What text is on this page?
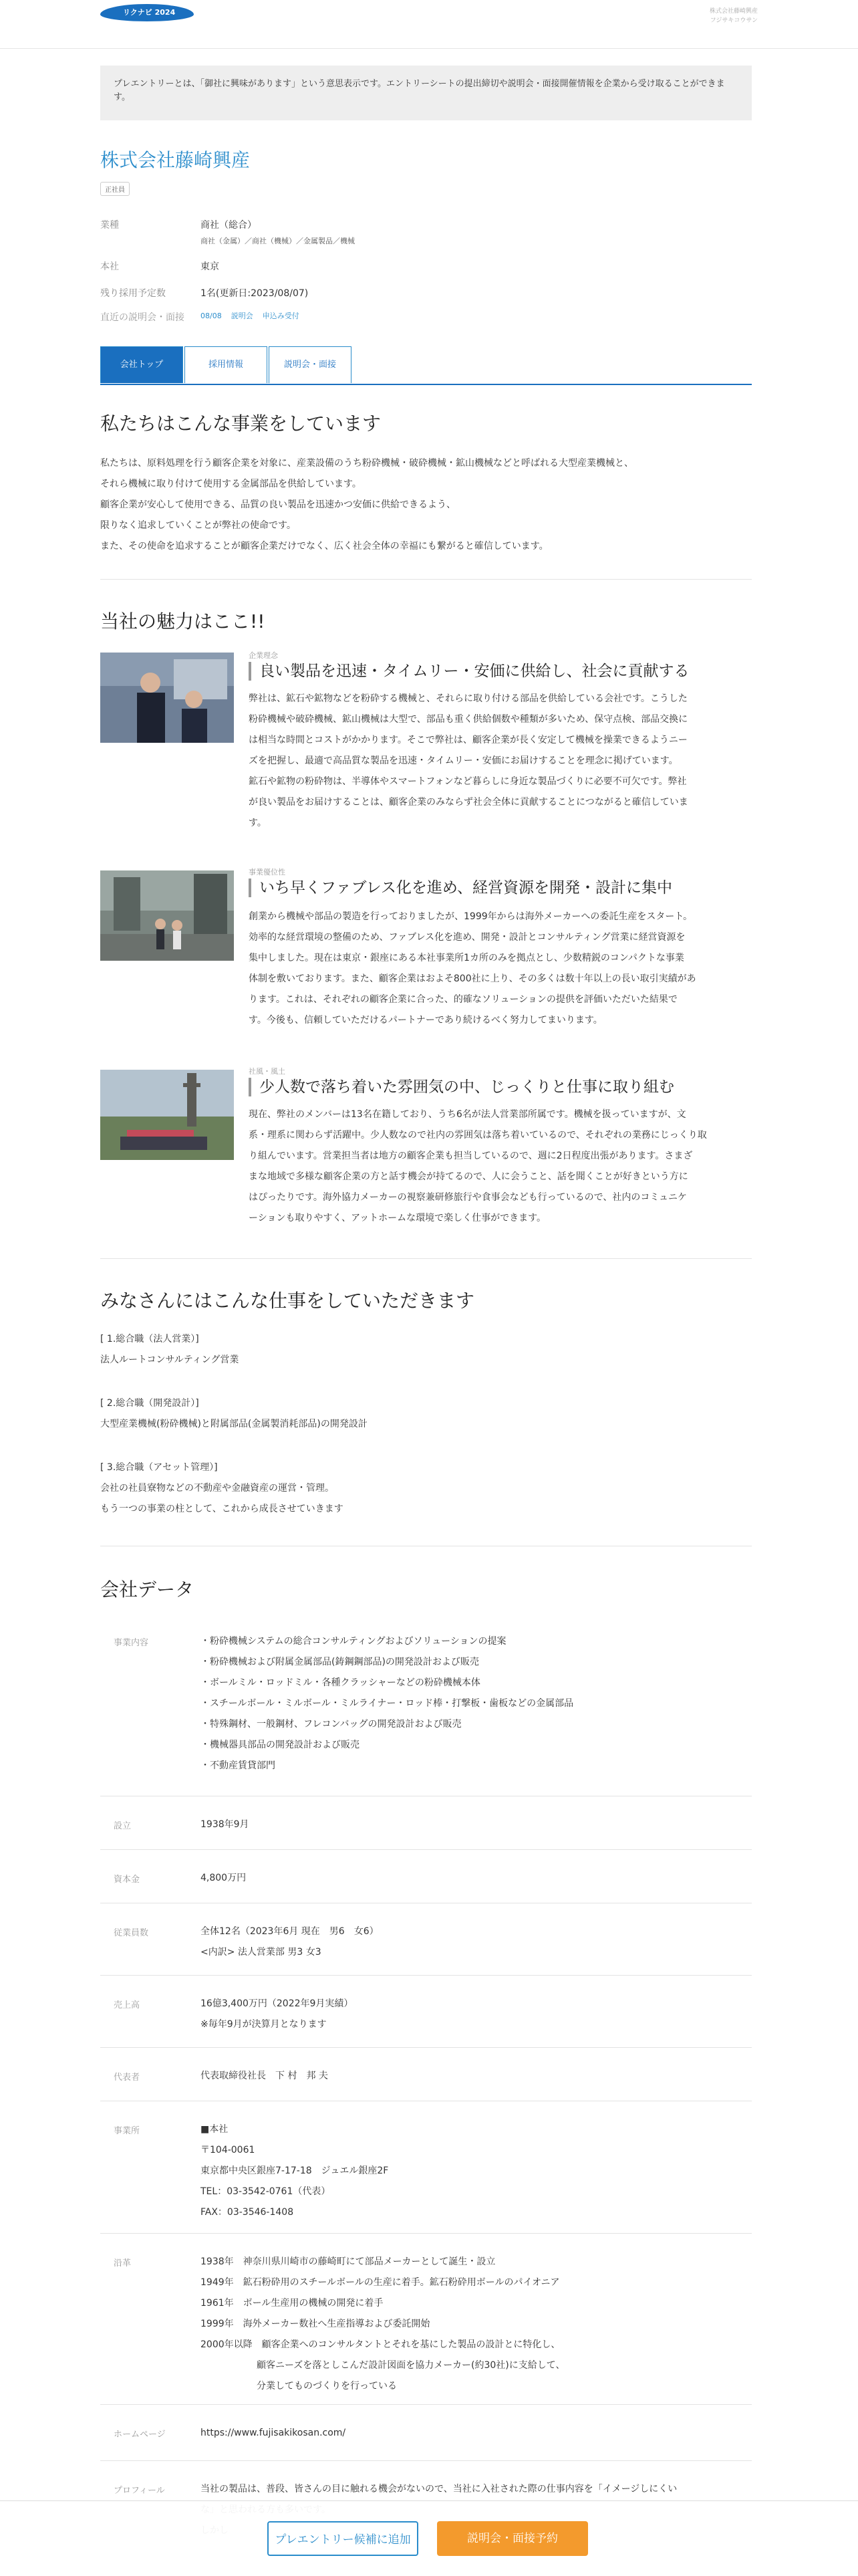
リクナビ 2024	株式会社藤崎興産
フジサキコウサン
プレエントリーとは、「御社に興味があります」という意思表示です。エントリーシートの提出締切や説明会・面接開催情報を企業から受け取ることができます。
株式会社藤崎興産
正社員
業種	商社（総合）
商社（金属）／商社（機械）／金属製品／機械
本社	東京
残り採用予定数	1名(更新日:2023/08/07)
直近の説明会・面接	08/08 説明会 申込み受付
会社トップ	採用情報	説明会・面接
私たちはこんな事業をしています
私たちは、原料処理を行う顧客企業を対象に、産業設備のうち粉砕機械・破砕機械・鉱山機械などと呼ばれる大型産業機械と、
それら機械に取り付けて使用する金属部品を供給しています。
顧客企業が安心して使用できる、品質の良い製品を迅速かつ安価に供給できるよう、
限りなく追求していくことが弊社の使命です。
また、その使命を追求することが顧客企業だけでなく、広く社会全体の幸福にも繋がると確信しています。
当社の魅力はここ!!
企業理念
良い製品を迅速・タイムリー・安価に供給し、社会に貢献する
弊社は、鉱石や鉱物などを粉砕する機械と、それらに取り付ける部品を供給している会社です。こうした
粉砕機械や破砕機械、鉱山機械は大型で、部品も重く供給個数や種類が多いため、保守点検、部品交換に
は相当な時間とコストがかかります。そこで弊社は、顧客企業が長く安定して機械を操業できるようニー
ズを把握し、最適で高品質な製品を迅速・タイムリー・安価にお届けすることを理念に掲げています。
鉱石や鉱物の粉砕物は、半導体やスマートフォンなど暮らしに身近な製品づくりに必要不可欠です。弊社
が良い製品をお届けすることは、顧客企業のみならず社会全体に貢献することにつながると確信していま
す。
事業優位性
いち早くファブレス化を進め、経営資源を開発・設計に集中
創業から機械や部品の製造を行っておりましたが、1999年からは海外メーカーへの委託生産をスタート。
効率的な経営環境の整備のため、ファブレス化を進め、開発・設計とコンサルティング営業に経営資源を
集中しました。現在は東京・銀座にある本社事業所1カ所のみを拠点とし、少数精鋭のコンパクトな事業
体制を敷いております。また、顧客企業はおよそ800社に上り、その多くは数十年以上の長い取引実績があ
ります。これは、それぞれの顧客企業に合った、的確なソリューションの提供を評価いただいた結果で
す。今後も、信頼していただけるパートナーであり続けるべく努力してまいります。
社風・風土
少人数で落ち着いた雰囲気の中、じっくりと仕事に取り組む
現在、弊社のメンバーは13名在籍しており、うち6名が法人営業部所属です。機械を扱っていますが、文
系・理系に関わらず活躍中。少人数なので社内の雰囲気は落ち着いているので、それぞれの業務にじっくり取
り組んでいます。営業担当者は地方の顧客企業も担当しているので、週に2日程度出張があります。さまざ
まな地域で多様な顧客企業の方と話す機会が持てるので、人に会うこと、話を聞くことが好きという方に
はぴったりです。海外協力メーカーの視察兼研修旅行や食事会なども行っているので、社内のコミュニケ
ーションも取りやすく、アットホームな環境で楽しく仕事ができます。
みなさんにはこんな仕事をしていただきます
[ 1.総合職（法人営業）]
法人ルートコンサルティング営業
[ 2.総合職（開発設計）]
大型産業機械(粉砕機械)と附属部品(金属製消耗部品)の開発設計
[ 3.総合職（アセット管理）]
会社の社員寮物などの不動産や金融資産の運営・管理。
もう一つの事業の柱として、これから成長させていきます
会社データ
事業内容	・粉砕機械システムの総合コンサルティングおよびソリューションの提案
・粉砕機械および附属金属部品(鋳鋼鋼部品)の開発設計および販売
・ボールミル・ロッドミル・各種クラッシャーなどの粉砕機械本体
・スチールボール・ミルボール・ミルライナー・ロッド棒・打撃板・歯板などの金属部品
・特殊鋼材、一般鋼材、フレコンバッグの開発設計および販売
・機械器具部品の開発設計および販売
・不動産賃貸部門
設立	1938年9月
資本金	4,800万円
従業員数	全体12名（2023年6月 現在　男6　女6）
<内訳> 法人営業部 男3 女3
売上高	16億3,400万円（2022年9月実績）
※毎年9月が決算月となります
代表者	代表取締役社長　下 村　邦 夫
事業所	■本社
〒104-0061
東京都中央区銀座7-17-18　ジュエル銀座2F
TEL：03-3542-0761（代表）
FAX：03-3546-1408
沿革	1938年　神奈川県川崎市の藤崎町にて部品メーカーとして誕生・設立
1949年　鉱石粉砕用のスチールボールの生産に着手。鉱石粉砕用ボールのパイオニア
1961年　ボール生産用の機械の開発に着手
1999年　海外メーカー数社へ生産指導および委託開始
2000年以降　顧客企業へのコンサルタントとそれを基にした製品の設計とに特化し、
　　　　　　顧客ニーズを落としこんだ設計図面を協力メーカー(約30社)に支給して、
　　　　　　分業してものづくりを行っている
ホームページ	https://www.fujisakikosan.com/
プロフィール	当社の製品は、普段、皆さんの目に触れる機会がないので、当社に入社された際の仕事内容を「イメージしにくい
プレエントリー候補に追加	説明会・面接予約
